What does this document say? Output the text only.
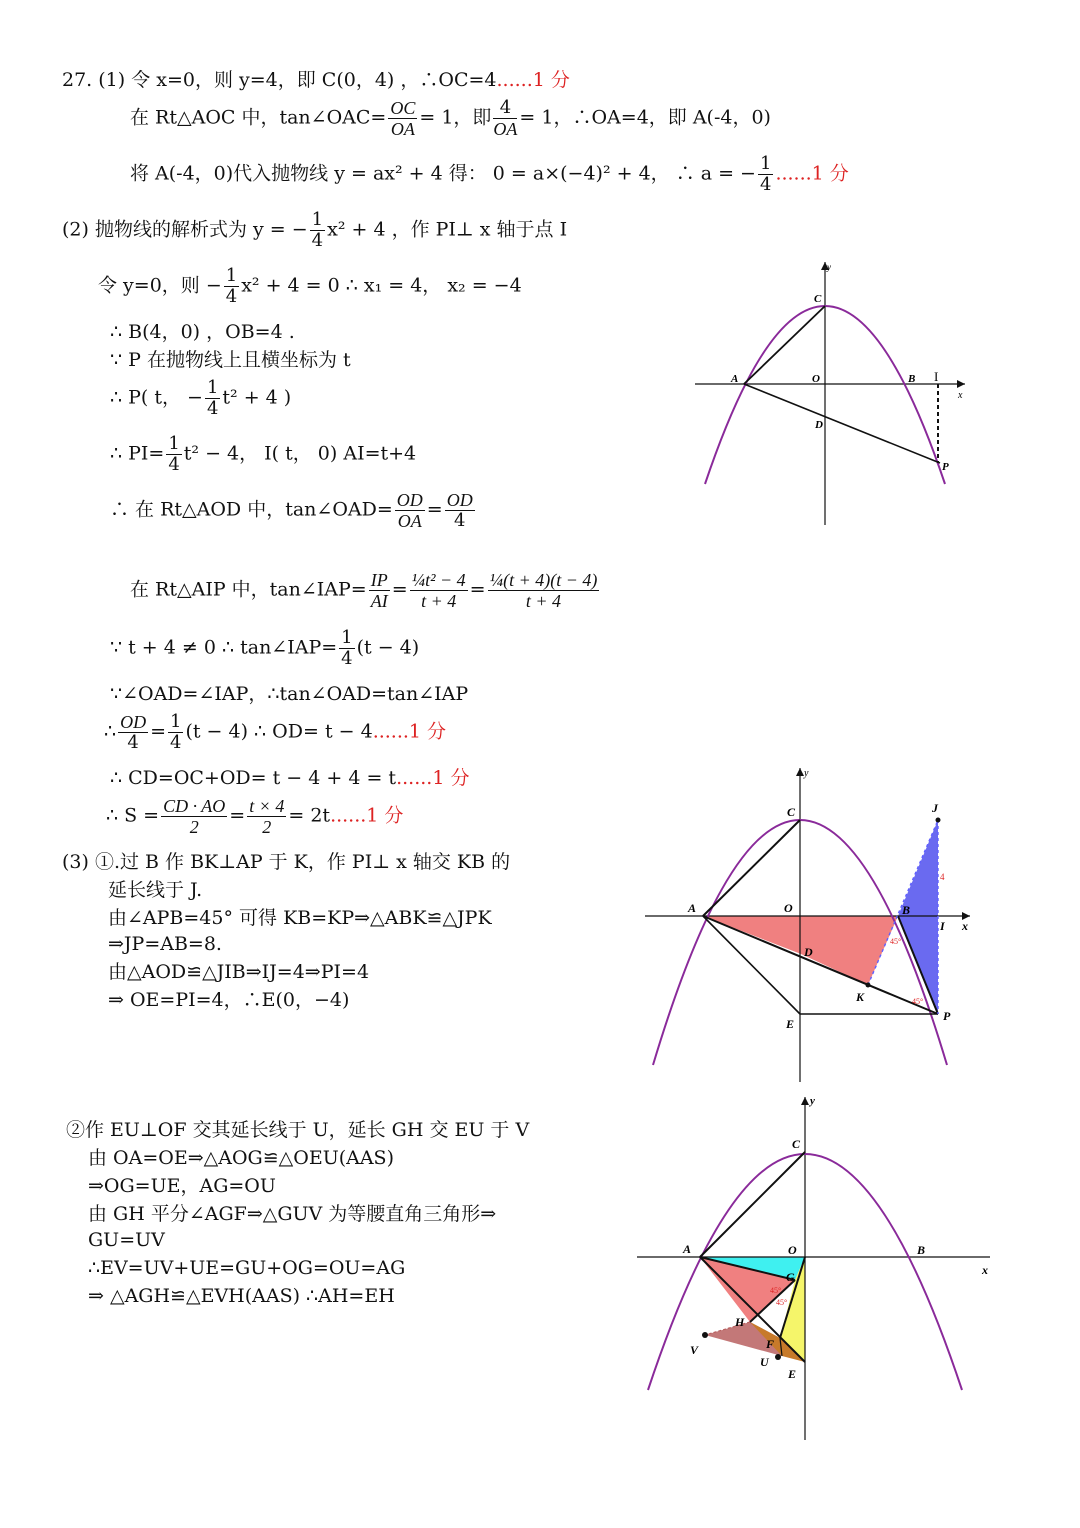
27. (1) 令 x=0，则 y=4，即 C(0，4) ，∴OC=4......1 分
在 Rt△AOC 中，tan∠OAC= $\frac{OC}{OA} = 1$，即 $\frac{4}{OA} = 1$，∴OA=4，即 A(-4，0)
将 A(-4，0)代入抛物线 y = ax² + 4 得： 0 = a×(−4)² + 4， ∴ a = − $\frac{1}{4} ......1$ 分
(2) 抛物线的解析式为 y = − $\frac{1}{4} x^2 + 4$ ，作 PI⊥ x 轴于点 I
令 y=0，则 − $\frac{1}{4} x^2 + 4 = 0$ ∴ x₁ = 4， x₂ = −4
∴ B(4，0) ，OB=4 .
∵ P 在抛物线上且横坐标为 t
∴ P( t， − $\frac{1}{4} t^2 + 4$ )
∴ $PI= \frac{1}{4} t^2 - 4$， I( t， 0) AI=t+4
∴ 在 Rt△AOD 中，tan∠OAD= $\frac{OD}{OA} = \frac{OD}{4}$
在 Rt△AIP 中，tan∠IAP= $\frac{IP}{AI} = \frac{\text{¼t² − 4}}{t + 4} = \frac{\text{¼(t + 4)(t − 4)}}{t + 4}$
∵ t + 4 ≠ 0 ∴ tan∠IAP= $\frac{1}{4} (t - 4)$
∵∠OAD=∠IAP，∴tan∠OAD=tan∠IAP
∴ $\frac{OD}{4} = \frac{1}{4} (t - 4)$ ∴ OD= t − 4......1 分
∴ CD=OC+OD= t − 4 + 4 = t......1 分
∴ $S = \frac{CD \cdot AO}{2} = \frac{t \times 4}{2} = 2t......1$ 分
(3) ①.过 B 作 BK⊥AP 于 K，作 PI⊥ x 轴交 KB 的
延长线于 J.
由∠APB=45° 可得 KB=KP⇒△ABK≌△JPK
⇒JP=AB=8.
由△AOD≌△JIB⇒IJ=4⇒PI=4
⇒ OE=PI=4，∴E(0，−4)
②作 EU⊥OF 交其延长线于 U，延长 GH 交 EU 于 V
由 OA=OE⇒△AOG≌△OEU(AAS)
⇒OG=UE，AG=OU
由 GH 平分∠AGF⇒△GUV 为等腰直角三角形⇒
GU=UV
∴EV=UV+UE=GU+OG=OU=AG
⇒ △AGH≌△EVH(AAS) ∴AH=EH
y
x
C
A	O	B I
D
P
y
x
C	J
A	O	B
I
D
K
E
P
4
45°
45°
y
x
C
A	O	B
G
H
F
V
U
E
45°
45°
